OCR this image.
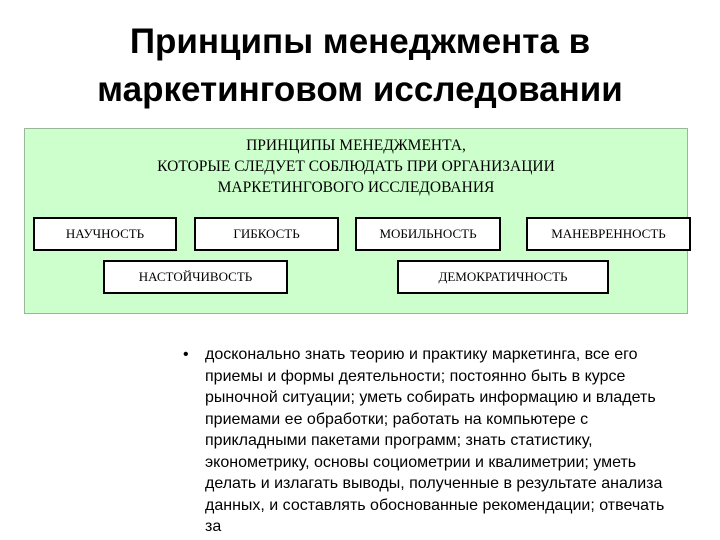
Принципы менеджмента в
маркетинговом исследовании
ПРИНЦИПЫ МЕНЕДЖМЕНТА,
КОТОРЫЕ СЛЕДУЕТ СОБЛЮДАТЬ ПРИ ОРГАНИЗАЦИИ
МАРКЕТИНГОВОГО ИССЛЕДОВАНИЯ
НАУЧНОСТЬ	ГИБКОСТЬ	МОБИЛЬНОСТЬ	МАНЕВРЕННОСТЬ
НАСТОЙЧИВОСТЬ	ДЕМОКРАТИЧНОСТЬ
• досконально знать теорию и практику маркетинга, все его приемы и формы деятельности; постоянно быть в курсе рыночной ситуации; уметь собирать информацию и владеть приемами ее обработки; работать на компьютере с прикладными пакетами программ; знать статистику, эконометрику, основы социометрии и квалиметрии; уметь делать и излагать выводы, полученные в результате анализа данных, и составлять обоснованные рекомендации; отвечать за
